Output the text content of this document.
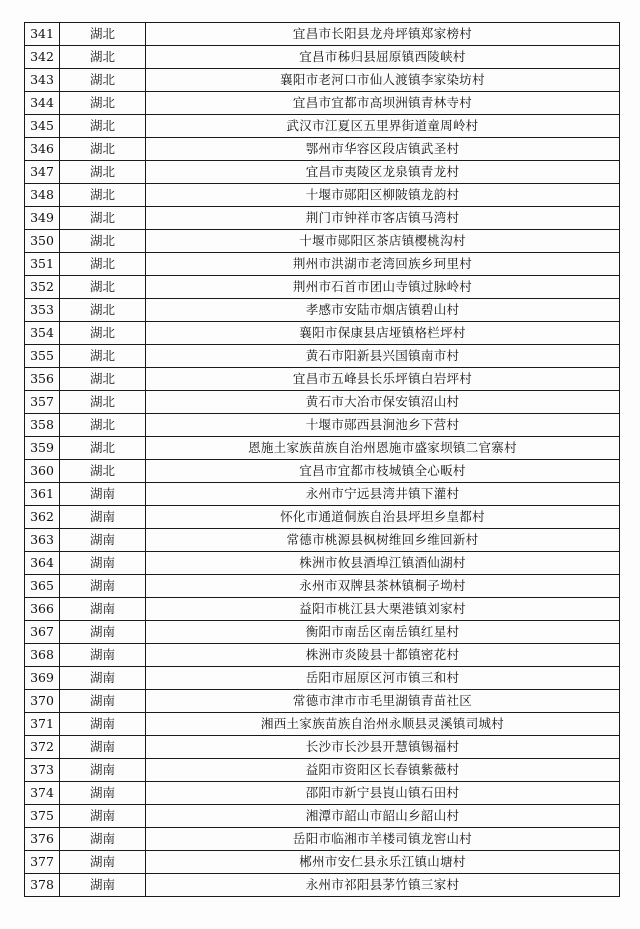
341	湖北	宜昌市长阳县龙舟坪镇郑家榜村
342	湖北	宜昌市秭归县屈原镇西陵峡村
343	湖北	襄阳市老河口市仙人渡镇李家染坊村
344	湖北	宜昌市宜都市高坝洲镇青林寺村
345	湖北	武汉市江夏区五里界街道童周岭村
346	湖北	鄂州市华容区段店镇武圣村
347	湖北	宜昌市夷陵区龙泉镇青龙村
348	湖北	十堰市郧阳区柳陂镇龙韵村
349	湖北	荆门市钟祥市客店镇马湾村
350	湖北	十堰市郧阳区茶店镇樱桃沟村
351	湖北	荆州市洪湖市老湾回族乡珂里村
352	湖北	荆州市石首市团山寺镇过脉岭村
353	湖北	孝感市安陆市烟店镇碧山村
354	湖北	襄阳市保康县店垭镇格栏坪村
355	湖北	黄石市阳新县兴国镇南市村
356	湖北	宜昌市五峰县长乐坪镇白岩坪村
357	湖北	黄石市大冶市保安镇沼山村
358	湖北	十堰市郧西县涧池乡下营村
359	湖北	恩施土家族苗族自治州恩施市盛家坝镇二官寨村
360	湖北	宜昌市宜都市枝城镇全心畈村
361	湖南	永州市宁远县湾井镇下灌村
362	湖南	怀化市通道侗族自治县坪坦乡皇都村
363	湖南	常德市桃源县枫树维回乡维回新村
364	湖南	株洲市攸县酒埠江镇酒仙湖村
365	湖南	永州市双牌县茶林镇桐子坳村
366	湖南	益阳市桃江县大栗港镇刘家村
367	湖南	衡阳市南岳区南岳镇红星村
368	湖南	株洲市炎陵县十都镇密花村
369	湖南	岳阳市屈原区河市镇三和村
370	湖南	常德市津市市毛里湖镇青苗社区
371	湖南	湘西土家族苗族自治州永顺县灵溪镇司城村
372	湖南	长沙市长沙县开慧镇锡福村
373	湖南	益阳市资阳区长春镇紫薇村
374	湖南	邵阳市新宁县崀山镇石田村
375	湖南	湘潭市韶山市韶山乡韶山村
376	湖南	岳阳市临湘市羊楼司镇龙窖山村
377	湖南	郴州市安仁县永乐江镇山塘村
378	湖南	永州市祁阳县茅竹镇三家村
